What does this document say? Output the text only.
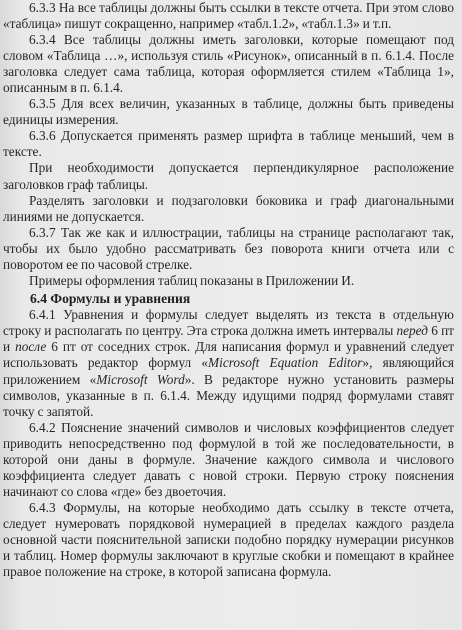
6.3.3 На все таблицы должны быть ссылки в тексте отчета. При этом слово «таблица» пишут сокращенно, например «табл.1.2», «табл.1.3» и т.п.

6.3.4 Все таблицы должны иметь заголовки, которые помещают под словом «Таблица …», используя стиль «Рисунок», описанный в п. 6.1.4. После заголовка следует сама таблица, которая оформляется стилем «Таблица 1», описанным в п. 6.1.4.

6.3.5 Для всех величин, указанных в таблице, должны быть приведены единицы измерения.

6.3.6 Допускается применять размер шрифта в таблице меньший, чем в тексте.

При необходимости допускается перпендикулярное расположение заголовков граф таблицы.

Разделять заголовки и подзаголовки боковика и граф диагональными линиями не допускается.

6.3.7 Так же как и иллюстрации, таблицы на странице располагают так, чтобы их было удобно рассматривать без поворота книги отчета или с поворотом ее по часовой стрелке.

Примеры оформления таблиц показаны в Приложении И.

6.4 Формулы и уравнения

6.4.1 Уравнения и формулы следует выделять из текста в отдельную строку и располагать по центру. Эта строка должна иметь интервалы перед 6 пт и после 6 пт от соседних строк. Для написания формул и уравнений следует использовать редактор формул «Microsoft Equation Editor», являющийся приложением «Microsoft Word». В редакторе нужно установить размеры символов, указанные в п. 6.1.4. Между идущими подряд формулами ставят точку с запятой.

6.4.2 Пояснение значений символов и числовых коэффициентов следует приводить непосредственно под формулой в той же последовательности, в которой они даны в формуле. Значение каждого символа и числового коэффициента следует давать с новой строки. Первую строку пояснения начинают со слова «где» без двоеточия.

6.4.3 Формулы, на которые необходимо дать ссылку в тексте отчета, следует нумеровать порядковой нумерацией в пределах каждого раздела основной части пояснительной записки подобно порядку нумерации рисунков и таблиц. Номер формулы заключают в круглые скобки и помещают в крайнее правое положение на строке, в которой записана формула.
